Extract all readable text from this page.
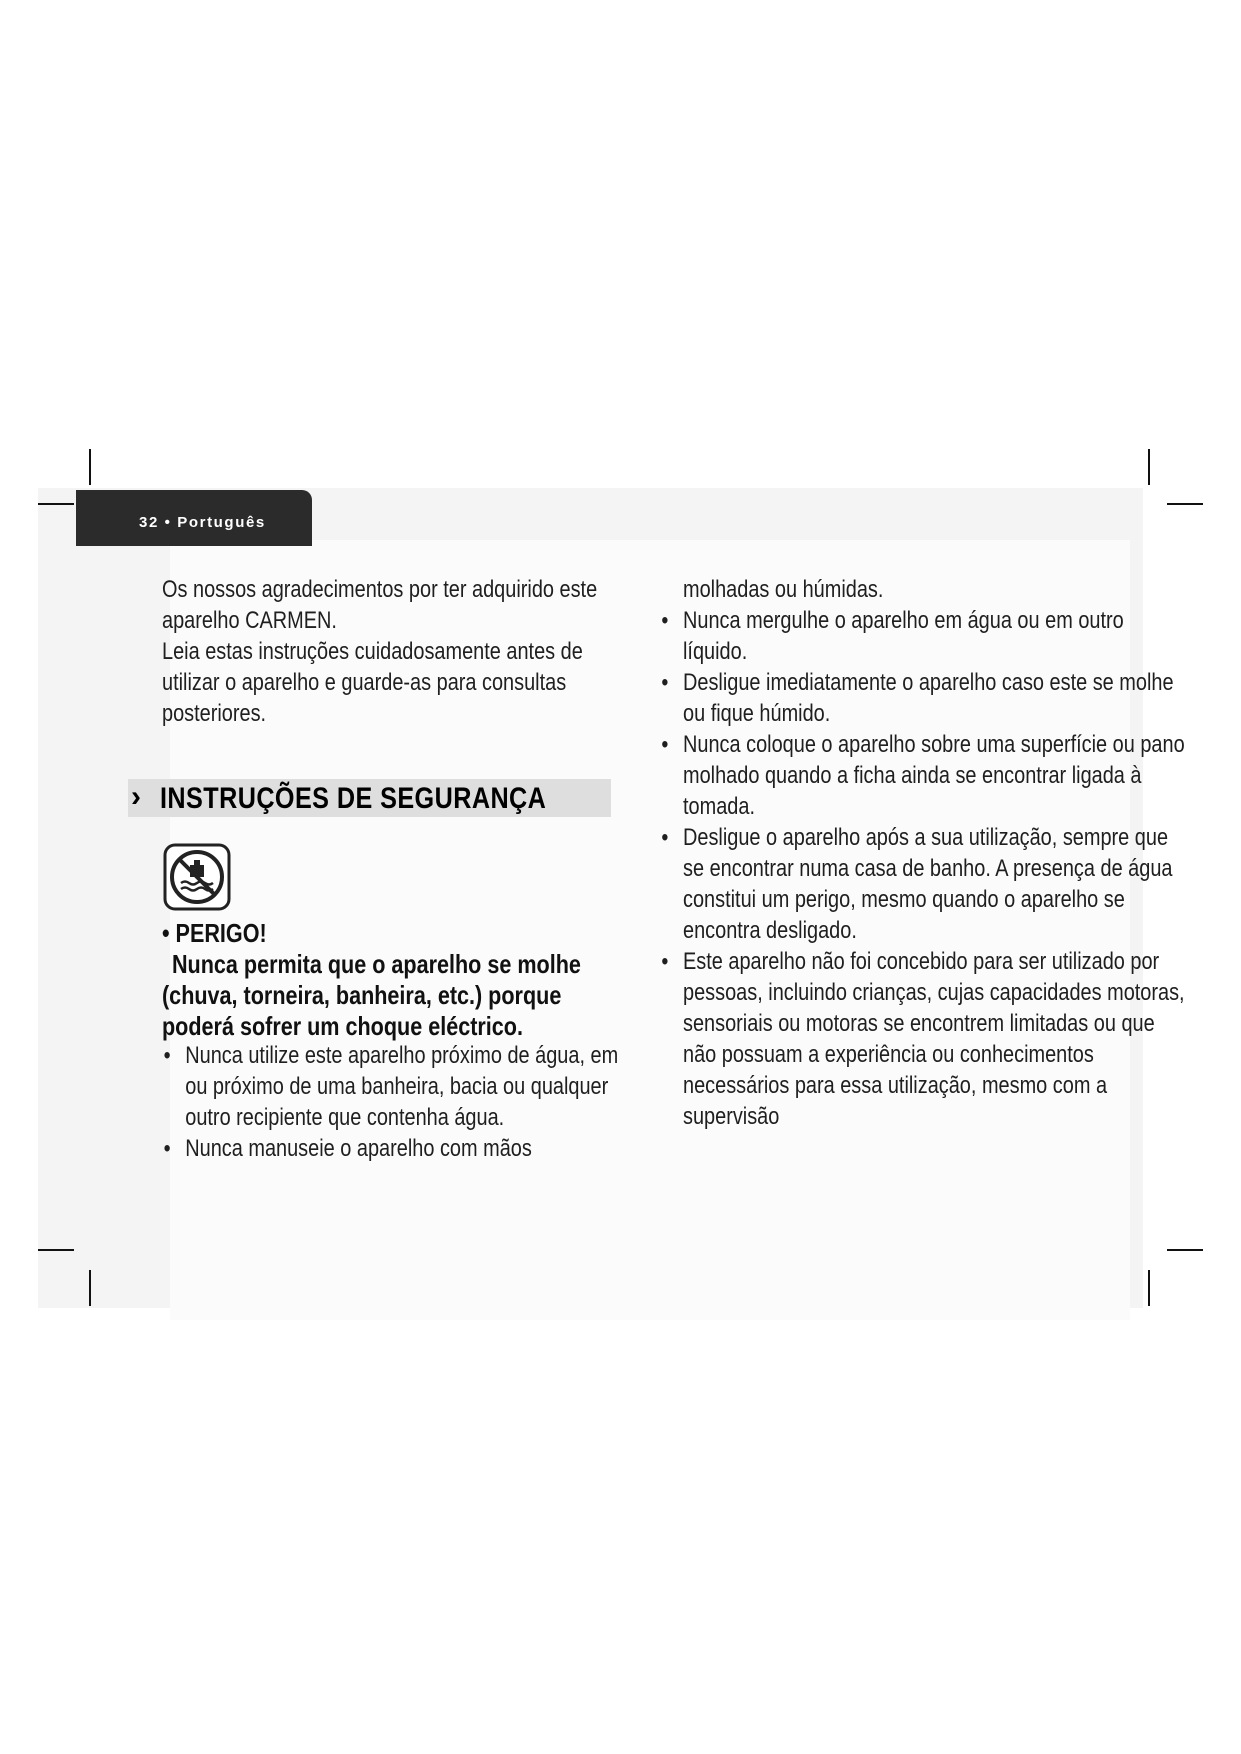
32 • Português

Os nossos agradecimentos por ter adquirido este aparelho CARMEN.

Leia estas instruções cuidadosamente antes de utilizar o aparelho e guarde-as para consultas posteriores.

› INSTRUÇÕES DE SEGURANÇA
• PERIGO!
Nunca permita que o aparelho se molhe (chuva, torneira, banheira, etc.) porque poderá sofrer um choque eléctrico.
• Nunca utilize este aparelho próximo de água, em ou próximo de uma banheira, bacia ou qualquer outro recipiente que contenha água.
• Nunca manuseie o aparelho com mãos

molhadas ou húmidas.

• Nunca mergulhe o aparelho em água ou em outro líquido.
• Desligue imediatamente o aparelho caso este se molhe ou fique húmido.
• Nunca coloque o aparelho sobre uma superfície ou pano molhado quando a ficha ainda se encontrar ligada à tomada.
• Desligue o aparelho após a sua utilização, sempre que se encontrar numa casa de banho. A presença de água constitui um perigo, mesmo quando o aparelho se encontra desligado.
• Este aparelho não foi concebido para ser utilizado por pessoas, incluindo crianças, cujas capacidades motoras, sensoriais ou motoras se encontrem limitadas ou que não possuam a experiência ou conhecimentos necessários para essa utilização, mesmo com a supervisão
